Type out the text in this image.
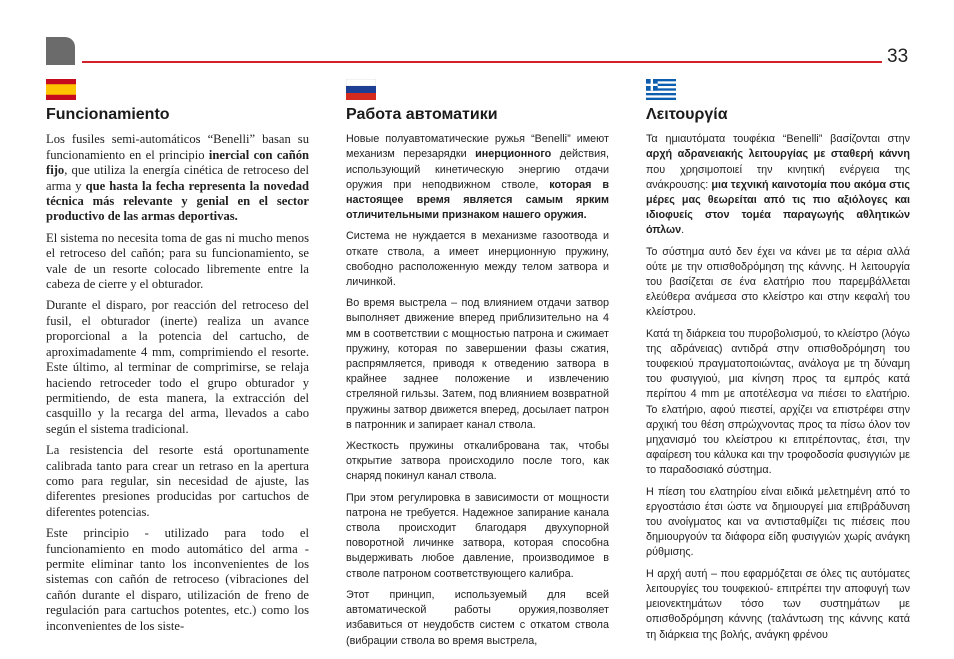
33
Funcionamiento

Los fusiles semi-automáticos “Benelli” basan su funcionamiento en el principio inercial con cañón fijo, que utiliza la energía cinética de retroceso del arma y que hasta la fecha representa la novedad técnica más relevante y genial en el sector productivo de las armas deportivas.

El sistema no necesita toma de gas ni mucho menos el retroceso del cañón; para su funcionamiento, se vale de un resorte colocado libremente entre la cabeza de cierre y el obturador.

Durante el disparo, por reacción del retroceso del fusil, el obturador (inerte) realiza un avance proporcional a la potencia del cartucho, de aproximadamente 4 mm, comprimiendo el resorte. Este último, al terminar de comprimirse, se relaja haciendo retroceder todo el grupo obturador y permitiendo, de esta manera, la extracción del casquillo y la recarga del arma, llevados a cabo según el sistema tradicional.

La resistencia del resorte está oportunamente calibrada tanto para crear un retraso en la apertura como para regular, sin necesidad de ajuste, las diferentes presiones producidas por cartuchos de diferentes potencias.

Este principio - utilizado para todo el funcionamiento en modo automático del arma - permite eliminar tanto los inconvenientes de los sistemas con cañón de retroceso (vibraciones del cañón durante el disparo, utilización de freno de regulación para cartuchos potentes, etc.) como los inconvenientes de los siste-

Работа автоматики

Новые полуавтоматические ружья “Benelli” имеют механизм перезарядки инерционного действия, использующий кинетическую энергию отдачи оружия при неподвижном стволе, которая в настоящее время является самым ярким отличительными признаком нашего оружия.

Система не нуждается в механизме газоотвода и откате ствола, а имеет инерционную пружину, свободно расположенную между телом затвора и личинкой.

Во время выстрела – под влиянием отдачи затвор выполняет движение вперед приблизительно на 4 мм в соответствии с мощностью патрона и сжимает пружину, которая по завершении фазы сжатия, распрямляется, приводя к отведению затвора в крайнее заднее положение и извлечению стреляной гильзы. Затем, под влиянием возвратной пружины затвор движется вперед, досылает патрон в патронник и запирает канал ствола.

Жесткость пружины откалибрована так, чтобы открытие затвора происходило после того, как снаряд покинул канал ствола.

При этом регулировка в зависимости от мощности патрона не требуется. Надежное запирание канала ствола происходит благодаря двухупорной поворотной личинке затвора, которая способна выдерживать любое давление, производимое в стволе патроном соответствующего калибра.

Этот принцип, используемый для всей автоматической работы оружия,позволяет избавиться от неудобств систем с откатом ствола (вибрации ствола во время выстрела,

Λειτουργία

Τα ημιαυτόματα τουφέκια “Benelli” βασίζονται στην αρχή αδρανειακής λειτουργίας με σταθερή κάννη που χρησιμοποιεί την κινητική ενέργεια της ανάκρουσης: μια τεχνική καινοτομία που ακόμα στις μέρες μας θεωρείται από τις πιο αξιόλογες και ιδιοφυείς στον τομέα παραγωγής αθλητικών όπλων.

Το σύστημα αυτό δεν έχει να κάνει με τα αέρια αλλά ούτε με την οπισθοδρόμηση της κάννης. Η λειτουργία του βασίζεται σε ένα ελατήριο που παρεμβάλλεται ελεύθερα ανάμεσα στο κλείστρο και στην κεφαλή του κλείστρου.

Κατά τη διάρκεια του πυροβολισμού, το κλείστρο (λόγω της αδράνειας) αντιδρά στην οπισθοδρόμηση του τουφεκιού πραγματοποιώντας, ανάλογα με τη δύναμη του φυσιγγιού, μια κίνηση προς τα εμπρός κατά περίπου 4 mm με αποτέλεσμα να πιέσει το ελατήριο. Το ελατήριο, αφού πιεστεί, αρχίζει να επιστρέφει στην αρχική του θέση σπρώχνοντας προς τα πίσω όλον τον μηχανισμό του κλείστρου κι επιτρέποντας, έτσι, την αφαίρεση του κάλυκα και την τροφοδοσία φυσιγγιών με το παραδοσιακό σύστημα.

Η πίεση του ελατηρίου είναι ειδικά μελετημένη από το εργοστάσιο έτσι ώστε να δημιουργεί μια επιβράδυνση του ανοίγματος και να αντισταθμίζει τις πιέσεις που δημιουργούν τα διάφορα είδη φυσιγγιών χωρίς ανάγκη ρύθμισης.

Η αρχή αυτή – που εφαρμόζεται σε όλες τις αυτόματες λειτουργίες του τουφεκιού- επιτρέπει την αποφυγή των μειονεκτημάτων τόσο των συστημάτων με οπισθοδρόμηση κάννης (ταλάντωση της κάννης κατά τη διάρκεια της βολής, ανάγκη φρένου
